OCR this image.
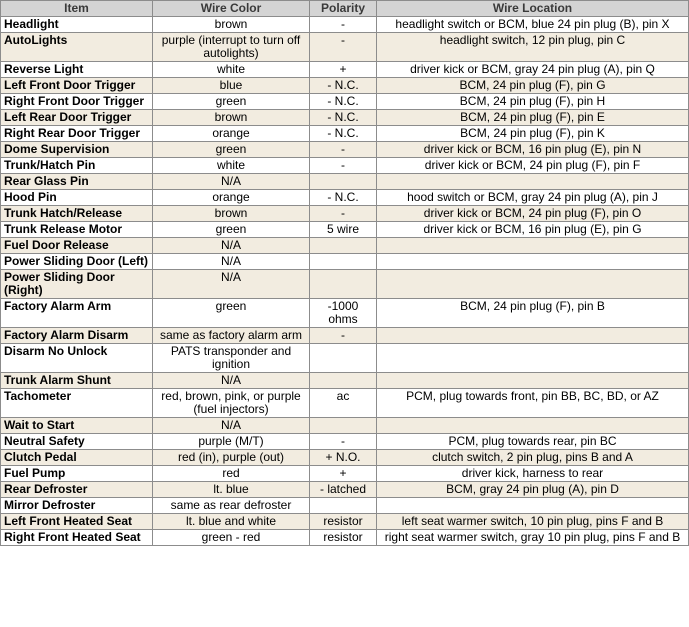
Item	Wire Color	Polarity	Wire Location
Headlight	brown	-	headlight switch or BCM, blue 24 pin plug (B), pin X
AutoLights	purple (interrupt to turn off autolights)	-	headlight switch, 12 pin plug, pin C
Reverse Light	white	+	driver kick or BCM, gray 24 pin plug (A), pin Q
Left Front Door Trigger	blue	- N.C.	BCM, 24 pin plug (F), pin G
Right Front Door Trigger	green	- N.C.	BCM, 24 pin plug (F), pin H
Left Rear Door Trigger	brown	- N.C.	BCM, 24 pin plug (F), pin E
Right Rear Door Trigger	orange	- N.C.	BCM, 24 pin plug (F), pin K
Dome Supervision	green	-	driver kick or BCM, 16 pin plug (E), pin N
Trunk/Hatch Pin	white	-	driver kick or BCM, 24 pin plug (F), pin F
Rear Glass Pin	N/A		
Hood Pin	orange	- N.C.	hood switch or BCM, gray 24 pin plug (A), pin J
Trunk Hatch/Release	brown	-	driver kick or BCM, 24 pin plug (F), pin O
Trunk Release Motor	green	5 wire	driver kick or BCM, 16 pin plug (E), pin G
Fuel Door Release	N/A		
Power Sliding Door (Left)	N/A		
Power Sliding Door (Right)	N/A		
Factory Alarm Arm	green	-1000 ohms	BCM, 24 pin plug (F), pin B
Factory Alarm Disarm	same as factory alarm arm	-	
Disarm No Unlock	PATS transponder and ignition		
Trunk Alarm Shunt	N/A		
Tachometer	red, brown, pink, or purple (fuel injectors)	ac	PCM, plug towards front, pin BB, BC, BD, or AZ
Wait to Start	N/A		
Neutral Safety	purple (M/T)	-	PCM, plug towards rear, pin BC
Clutch Pedal	red (in), purple (out)	+ N.O.	clutch switch, 2 pin plug, pins B and A
Fuel Pump	red	+	driver kick, harness to rear
Rear Defroster	lt. blue	- latched	BCM, gray 24 pin plug (A), pin D
Mirror Defroster	same as rear defroster		
Left Front Heated Seat	lt. blue and white	resistor	left seat warmer switch, 10 pin plug, pins F and B
Right Front Heated Seat	green - red	resistor	right seat warmer switch, gray 10 pin plug, pins F and B
